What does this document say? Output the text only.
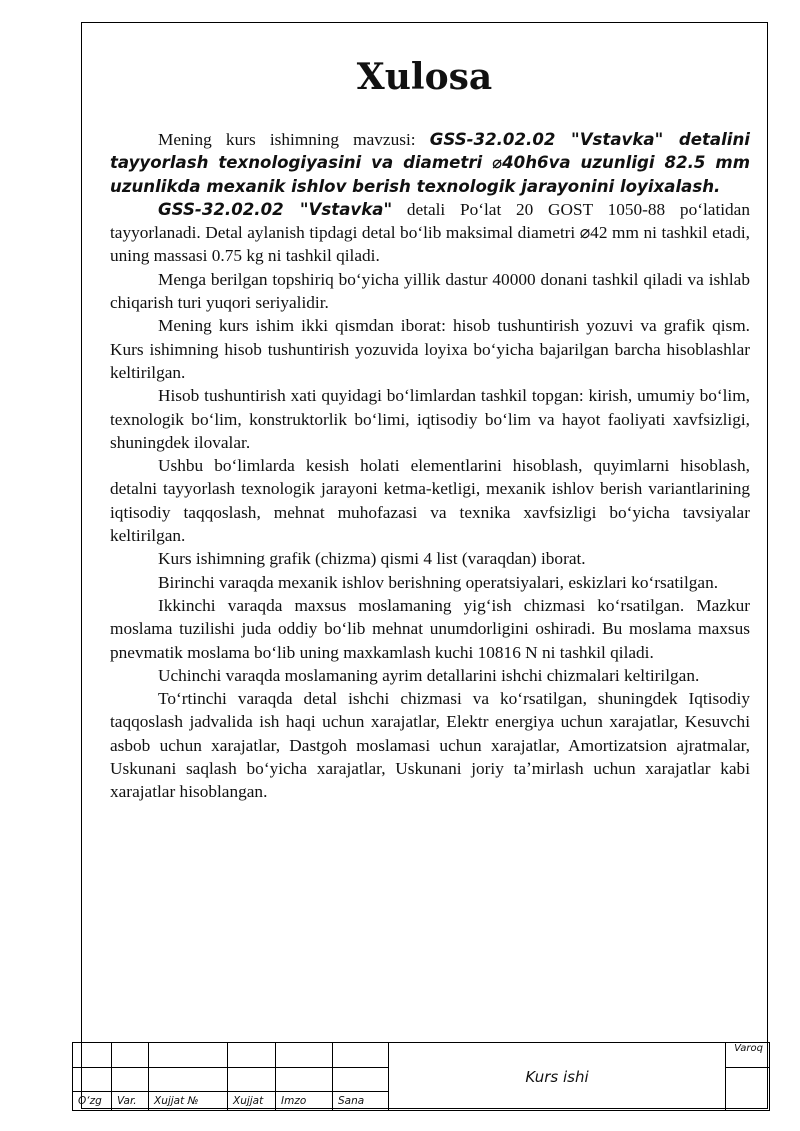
Xulosa

Mening kurs ishimning mavzusi: GSS-32.02.02 "Vstavka" detalini tayyorlash texnologiyasini va diametri ⌀40h6va uzunligi 82.5 mm uzunlikda mexanik ishlov berish texnologik jarayonini loyixalash.

GSS-32.02.02 "Vstavka" detali Poʻlat 20 GOST 1050-88 poʻlatidan tayyorlanadi. Detal aylanish tipdagi detal boʻlib maksimal diametri ⌀42 mm ni tashkil etadi, uning massasi 0.75 kg ni tashkil qiladi.

Menga berilgan topshiriq boʻyicha yillik dastur 40000 donani tashkil qiladi va ishlab chiqarish turi yuqori seriyalidir.

Mening kurs ishim ikki qismdan iborat: hisob tushuntirish yozuvi va grafik qism. Kurs ishimning hisob tushuntirish yozuvida loyixa boʻyicha bajarilgan barcha hisoblashlar keltirilgan.

Hisob tushuntirish xati quyidagi boʻlimlardan tashkil topgan: kirish, umumiy boʻlim, texnologik boʻlim, konstruktorlik boʻlimi, iqtisodiy boʻlim va hayot faoliyati xavfsizligi, shuningdek ilovalar.

Ushbu boʻlimlarda kesish holati elementlarini hisoblash, quyimlarni hisoblash, detalni tayyorlash texnologik jarayoni ketma-ketligi, mexanik ishlov berish variantlarining iqtisodiy taqqoslash, mehnat muhofazasi va texnika xavfsizligi boʻyicha tavsiyalar keltirilgan.

Kurs ishimning grafik (chizma) qismi 4 list (varaqdan) iborat.

Birinchi varaqda mexanik ishlov berishning operatsiyalari, eskizlari koʻrsatilgan.

Ikkinchi varaqda maxsus moslamaning yigʻish chizmasi koʻrsatilgan. Mazkur moslama tuzilishi juda oddiy boʻlib mehnat unumdorligini oshiradi. Bu moslama maxsus pnevmatik moslama boʻlib uning maxkamlash kuchi 10816 N ni tashkil qiladi.

Uchinchi varaqda moslamaning ayrim detallarini ishchi chizmalari keltirilgan.

Toʻrtinchi varaqda detal ishchi chizmasi va koʻrsatilgan, shuningdek Iqtisodiy taqqoslash jadvalida ish haqi uchun xarajatlar, Elektr energiya uchun xarajatlar, Kesuvchi asbob uchun xarajatlar, Dastgoh moslamasi uchun xarajatlar, Amortizatsion ajratmalar, Uskunani saqlash boʻyicha xarajatlar, Uskunani joriy taʼmirlash uchun xarajatlar kabi xarajatlar hisoblangan.

						Kurs ishi	Varoq

O‘zg	Var.	Xujjat №	Xujjat	Imzo	Sana		
